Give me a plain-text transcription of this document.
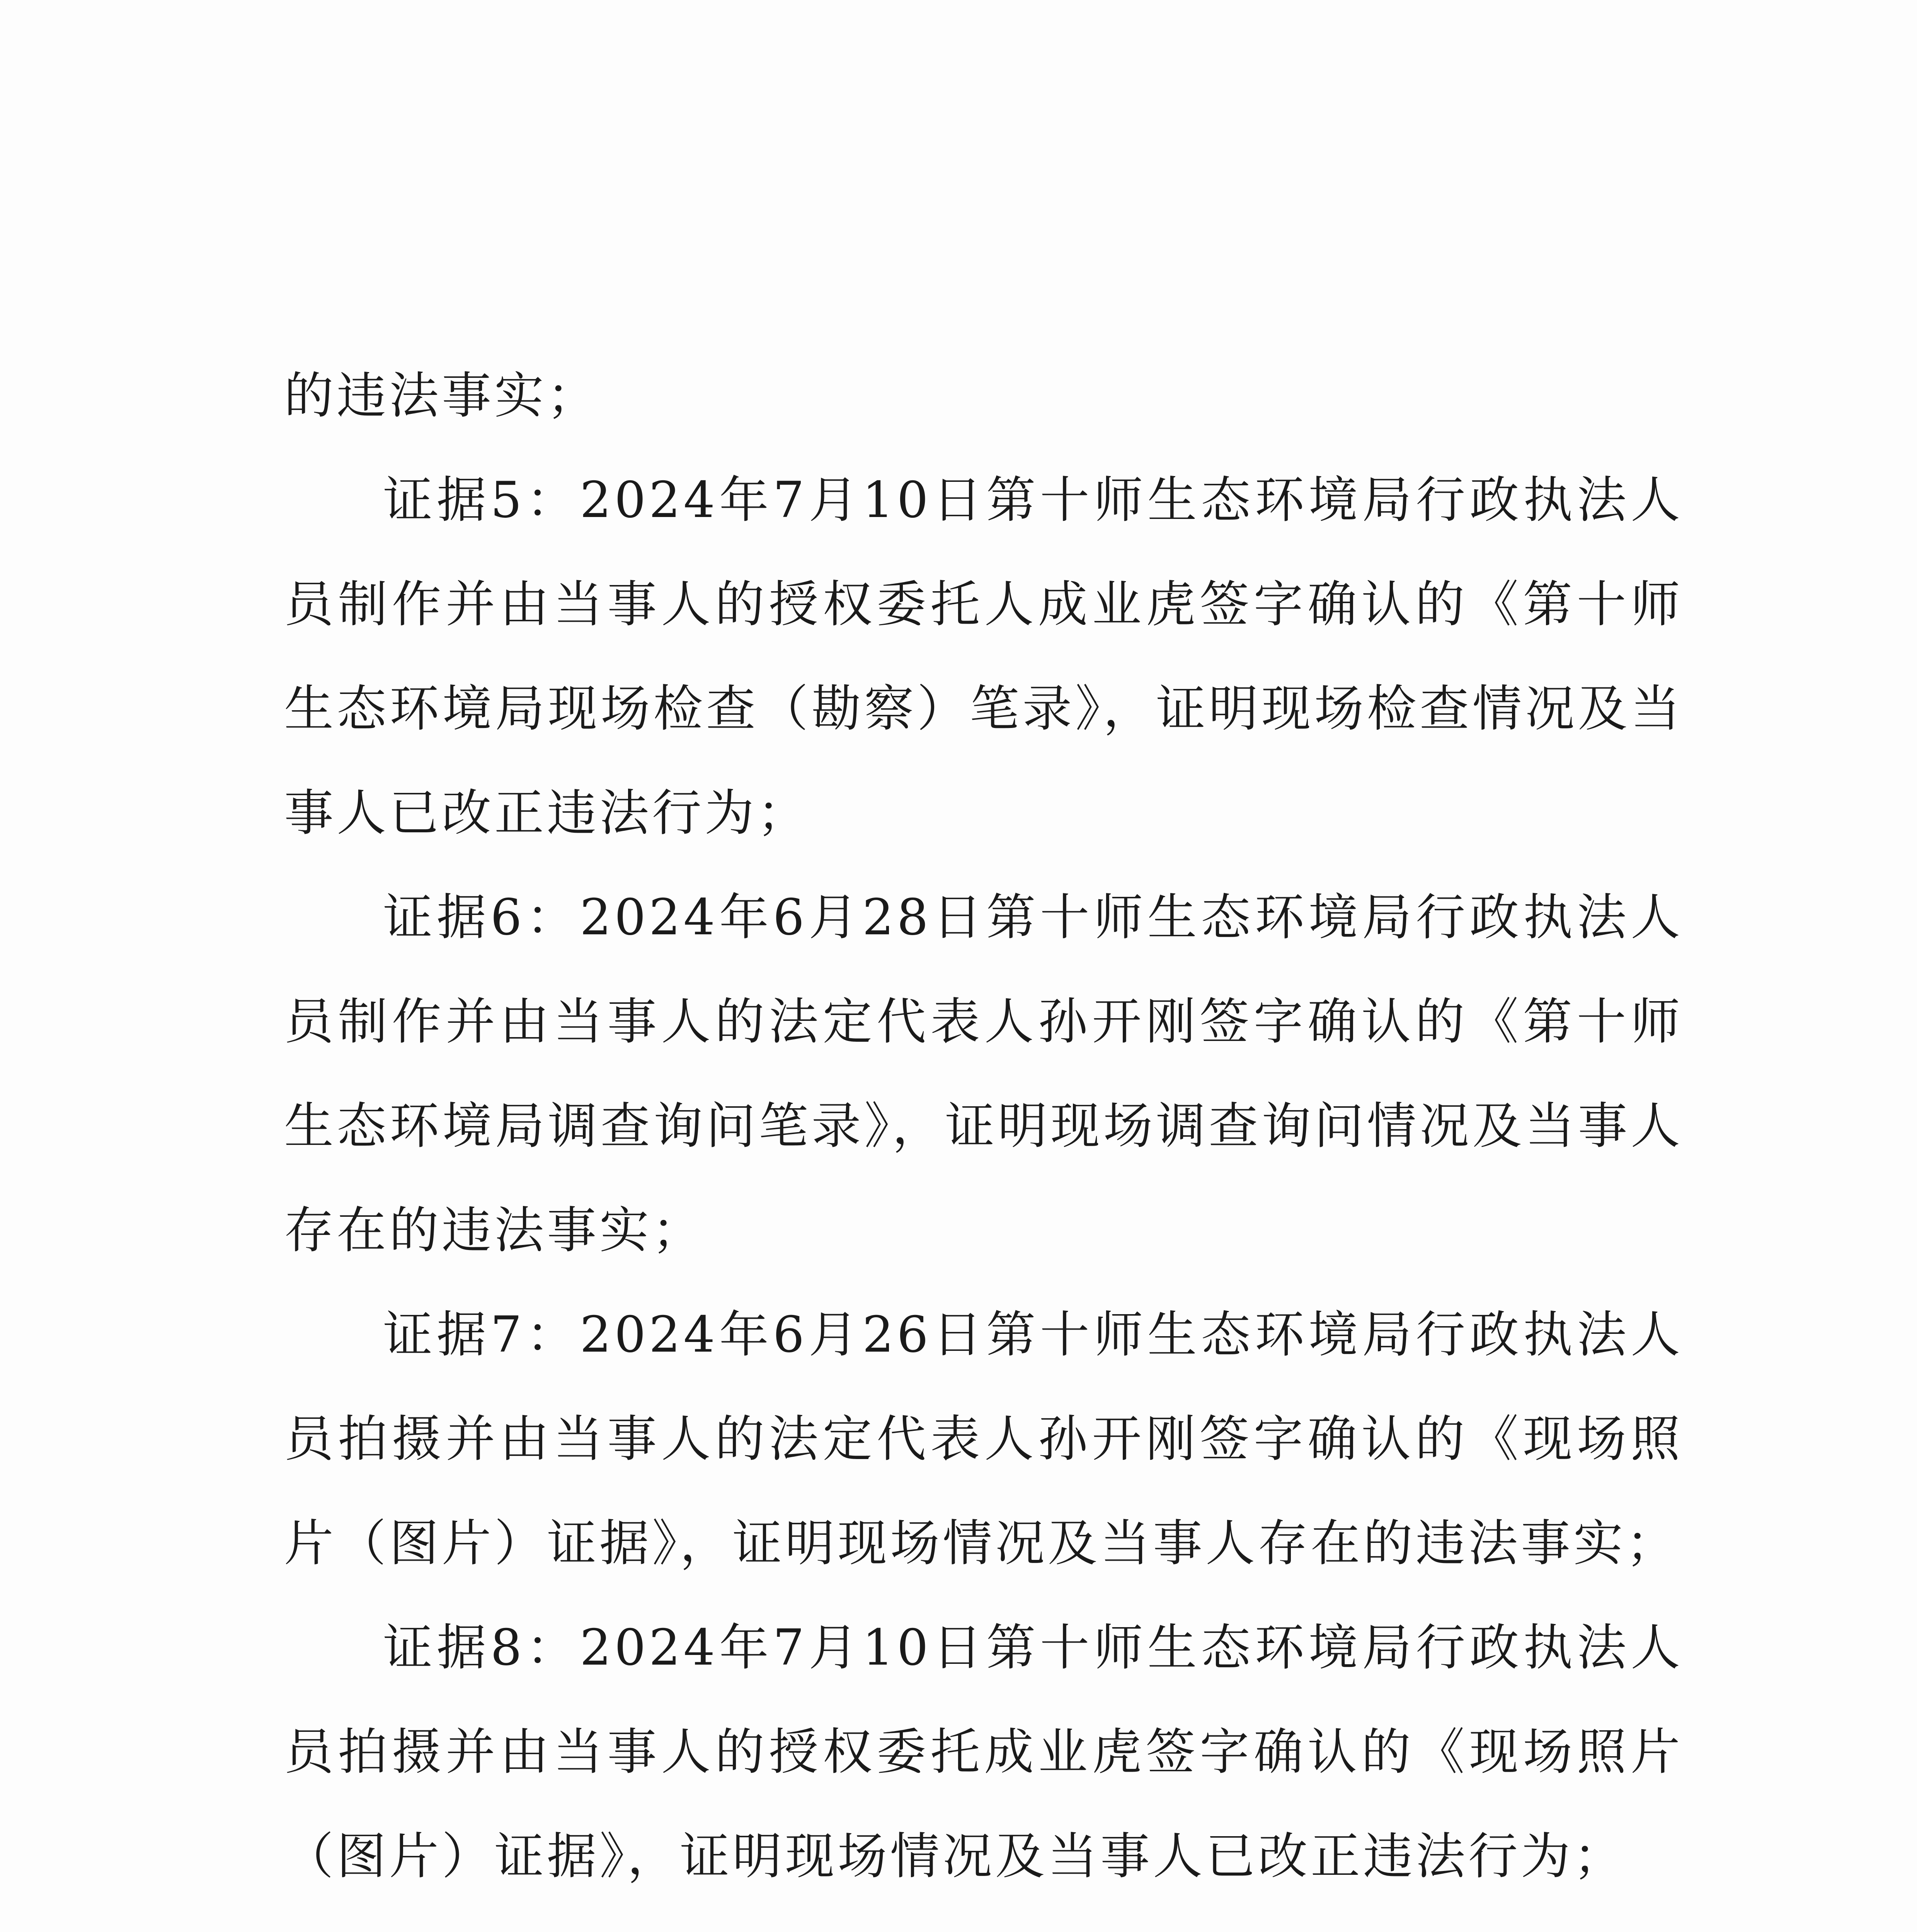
的违法事实；

证据5：2024年7月10日第十师生态环境局行政执法人员制作并由当事人的授权委托人成业虎签字确认的《第十师生态环境局现场检查（勘察）笔录》，证明现场检查情况及当事人已改正违法行为；

证据6：2024年6月28日第十师生态环境局行政执法人员制作并由当事人的法定代表人孙开刚签字确认的《第十师生态环境局调查询问笔录》，证明现场调查询问情况及当事人存在的违法事实；

证据7：2024年6月26日第十师生态环境局行政执法人员拍摄并由当事人的法定代表人孙开刚签字确认的《现场照片（图片）证据》，证明现场情况及当事人存在的违法事实；

证据8：2024年7月10日第十师生态环境局行政执法人员拍摄并由当事人的授权委托成业虎签字确认的《现场照片（图片）证据》，证明现场情况及当事人已改正违法行为；
